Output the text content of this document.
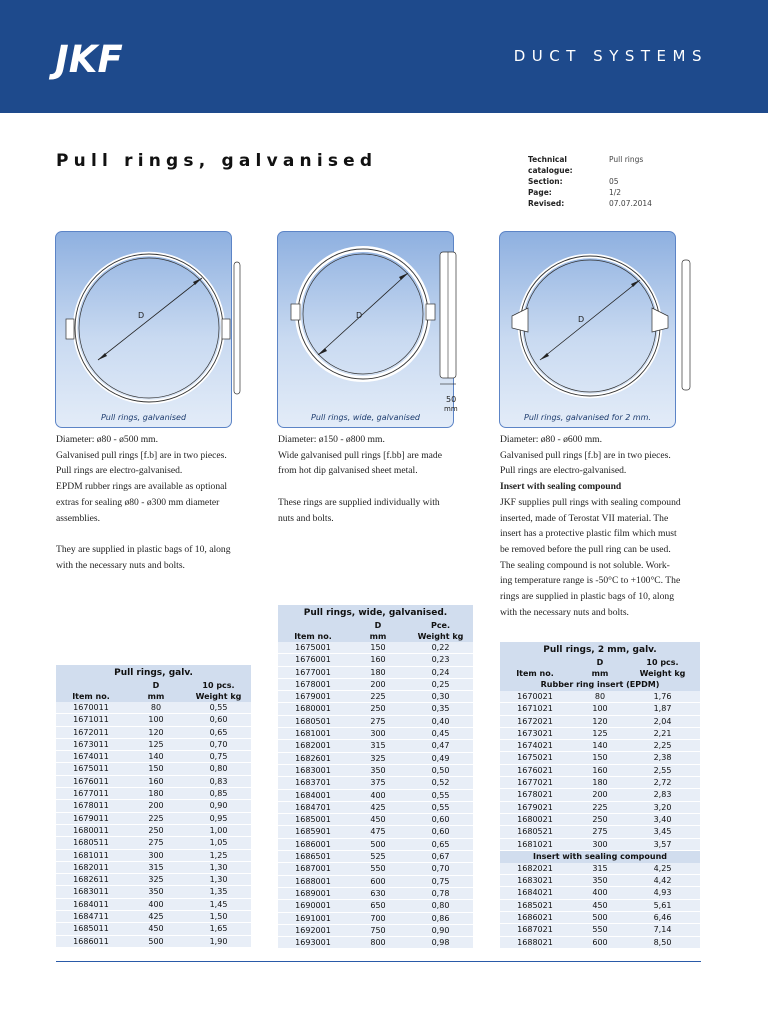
JKF	DUCT SYSTEMS
Pull rings, galvanised	Technical catalogue:
Pull rings
Section:	05
Page:	1/2
Revised:	07.07.2014
D
Pull rings, galvanised
D
50
mm
Pull rings, wide, galvanised
D
Pull rings, galvanised for 2 mm.

Diameter: ø80 - ø500 mm.

Galvanised pull rings [f.b] are in two pieces.

Pull rings are electro-galvanised.

EPDM rubber rings are available as optional

extras for sealing ø80 - ø300 mm diameter

assemblies.

They are supplied in plastic bags of 10, along

with the necessary nuts and bolts.

Diameter: ø150 - ø800 mm.

Wide galvanised pull rings [f.bb] are made

from hot dip galvanised sheet metal.

These rings are supplied individually with

nuts and bolts.

Diameter: ø80 - ø600 mm.

Galvanised pull rings [f.b] are in two pieces.

Pull rings are electro-galvanised.

Insert with sealing compound

JKF supplies pull rings with sealing compound

inserted, made of Terostat VII material. The

insert has a protective plastic film which must

be removed before the pull ring can be used.

The sealing compound is not soluble. Work-

ing temperature range is -50°C to +100°C. The

rings are supplied in plastic bags of 10, along

with the necessary nuts and bolts.

Pull rings, galv.
D	10 pcs.
Item no.	mm	Weight kg
1670011	80	0,55
1671011	100	0,60
1672011	120	0,65
1673011	125	0,70
1674011	140	0,75
1675011	150	0,80
1676011	160	0,83
1677011	180	0,85
1678011	200	0,90
1679011	225	0,95
1680011	250	1,00
1680511	275	1,05
1681011	300	1,25
1682011	315	1,30
1682611	325	1,30
1683011	350	1,35
1684011	400	1,45
1684711	425	1,50
1685011	450	1,65
1686011	500	1,90
Pull rings, wide, galvanised.
D	Pce.
Item no.	mm	Weight kg
1675001	150	0,22
1676001	160	0,23
1677001	180	0,24
1678001	200	0,25
1679001	225	0,30
1680001	250	0,35
1680501	275	0,40
1681001	300	0,45
1682001	315	0,47
1682601	325	0,49
1683001	350	0,50
1683701	375	0,52
1684001	400	0,55
1684701	425	0,55
1685001	450	0,60
1685901	475	0,60
1686001	500	0,65
1686501	525	0,67
1687001	550	0,70
1688001	600	0,75
1689001	630	0,78
1690001	650	0,80
1691001	700	0,86
1692001	750	0,90
1693001	800	0,98
Pull rings, 2 mm, galv.
D	10 pcs.
Item no.	mm	Weight kg
Rubber ring insert (EPDM)
1670021	80	1,76
1671021	100	1,87
1672021	120	2,04
1673021	125	2,21
1674021	140	2,25
1675021	150	2,38
1676021	160	2,55
1677021	180	2,72
1678021	200	2,83
1679021	225	3,20
1680021	250	3,40
1680521	275	3,45
1681021	300	3,57
Insert with sealing compound
1682021	315	4,25
1683021	350	4,42
1684021	400	4,93
1685021	450	5,61
1686021	500	6,46
1687021	550	7,14
1688021	600	8,50
